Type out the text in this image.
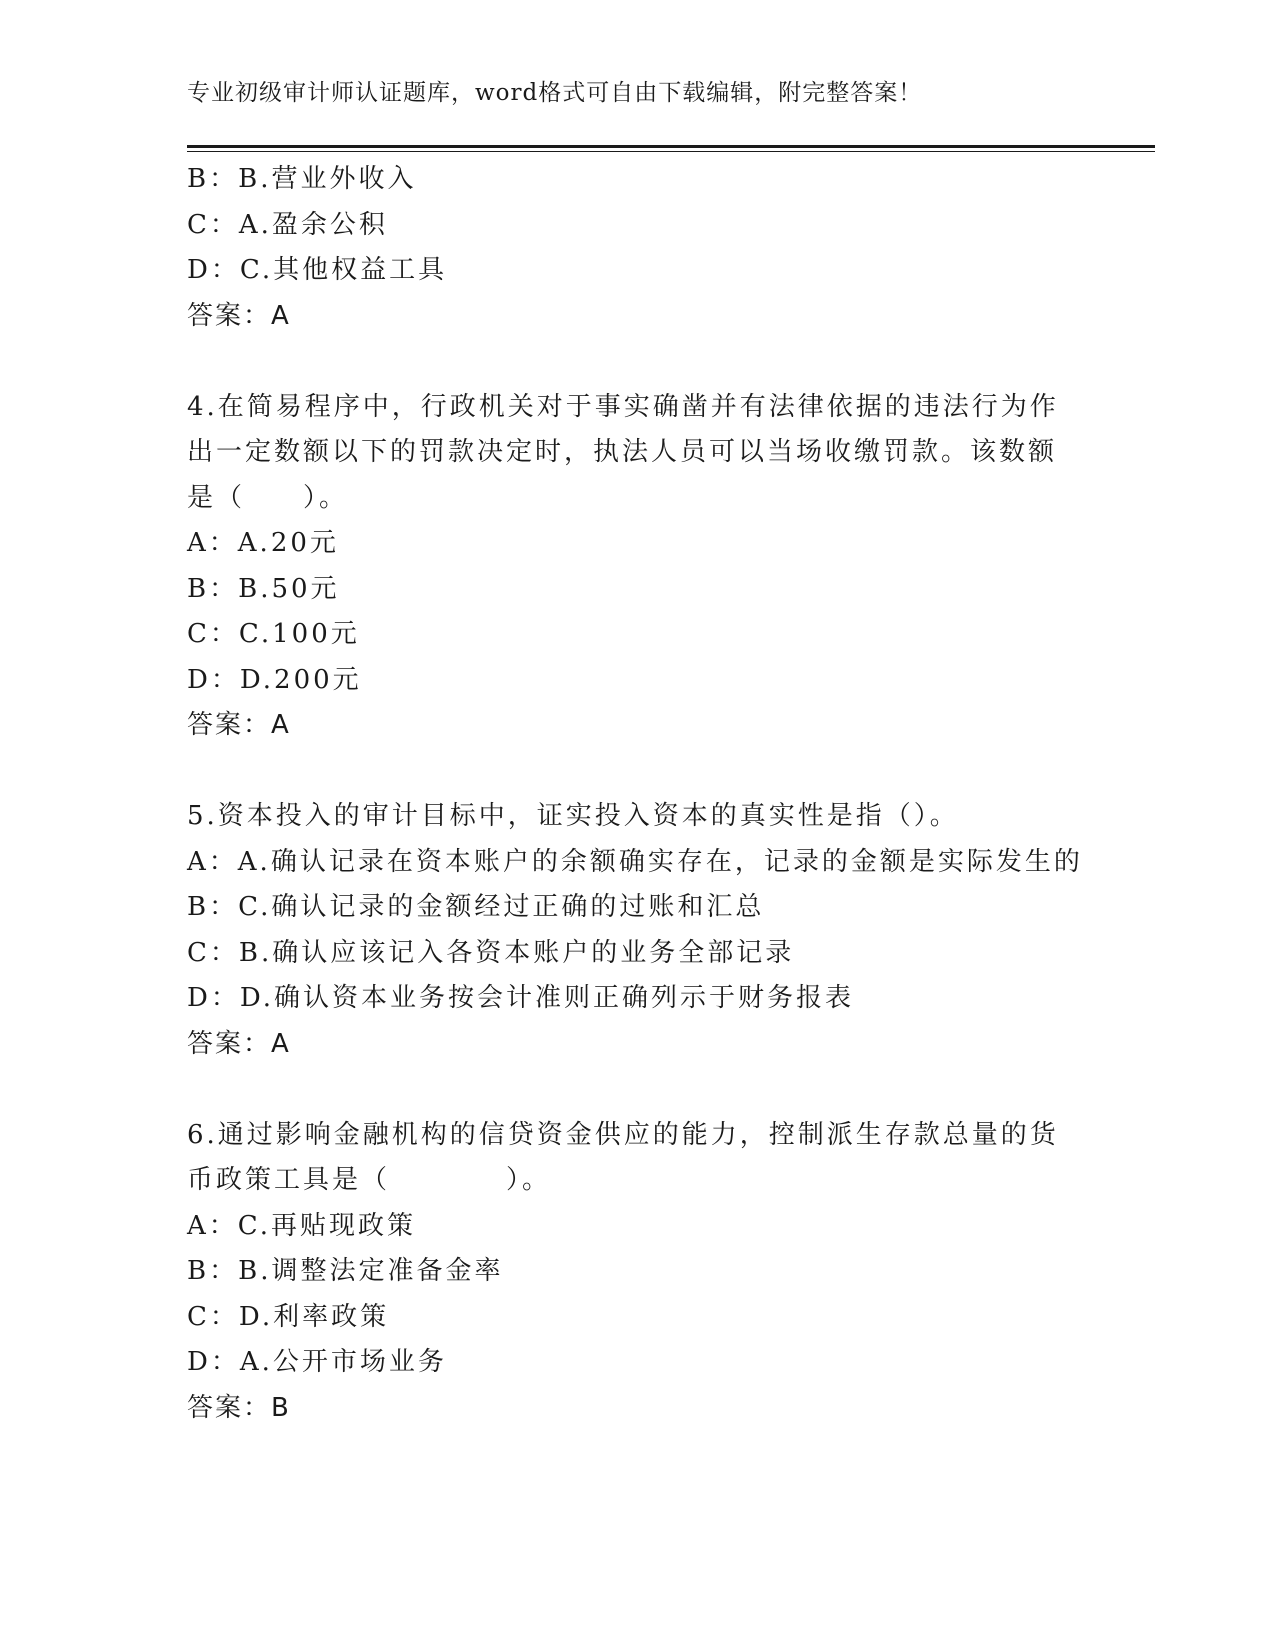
专业初级审计师认证题库，word格式可自由下载编辑，附完整答案！

B：B.营业外收入

C：A.盈余公积

D：C.其他权益工具

答案：A

4.在简易程序中，行政机关对于事实确凿并有法律依据的违法行为作

出一定数额以下的罚款决定时，执法人员可以当场收缴罚款。该数额

是（　　）。

A：A.20元

B：B.50元

C：C.100元

D：D.200元

答案：A

5.资本投入的审计目标中，证实投入资本的真实性是指（）。

A：A.确认记录在资本账户的余额确实存在，记录的金额是实际发生的

B：C.确认记录的金额经过正确的过账和汇总

C：B.确认应该记入各资本账户的业务全部记录

D：D.确认资本业务按会计准则正确列示于财务报表

答案：A

6.通过影响金融机构的信贷资金供应的能力，控制派生存款总量的货

币政策工具是（　　　　）。

A：C.再贴现政策

B：B.调整法定准备金率

C：D.利率政策

D：A.公开市场业务

答案：B
